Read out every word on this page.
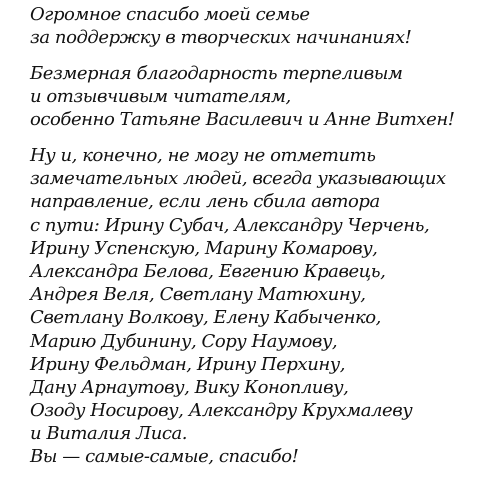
Огромное спасибо моей семье
за поддержку в творческих начинаниях!

Безмерная благодарность терпеливым
и отзывчивым читателям,
особенно Татьяне Василевич и Анне Витхен!

Ну и, конечно, не могу не отметить
замечательных людей, всегда указывающих
направление, если лень сбила автора
с пути: Ирину Субач, Александру Черчень,
Ирину Успенскую, Марину Комарову,
Александра Белова, Евгению Кравець,
Андрея Веля, Светлану Матюхину,
Светлану Волкову, Елену Кабыченко,
Марию Дубинину, Сору Наумову,
Ирину Фельдман, Ирину Перхину,
Дану Арнаутову, Вику Конопливу,
Озоду Носирову, Александру Крухмалеву
и Виталия Лиса.
Вы — самые-самые, спасибо!
